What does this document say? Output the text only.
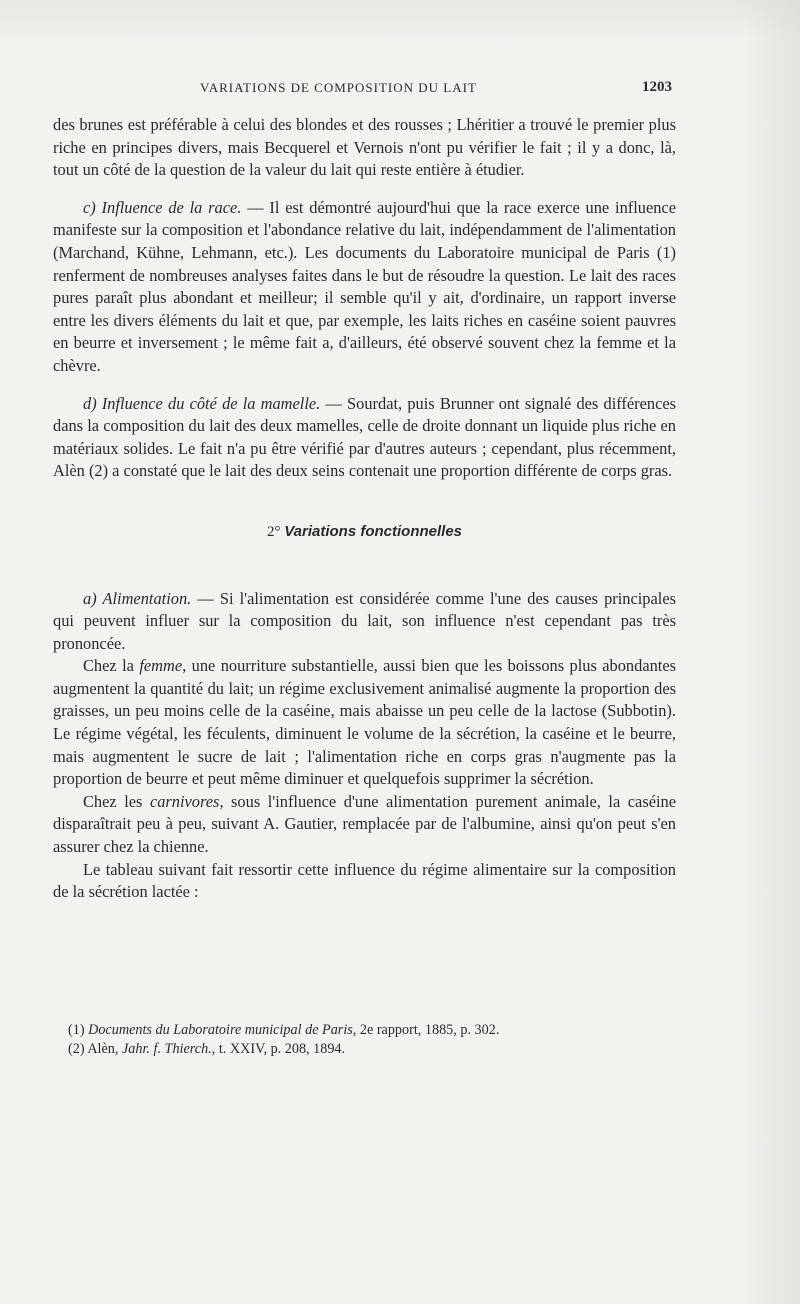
VARIATIONS DE COMPOSITION DU LAIT	1203

des brunes est préférable à celui des blondes et des rousses ; Lhéritier a trouvé le premier plus riche en principes divers, mais Becquerel et Vernois n'ont pu vérifier le fait ; il y a donc, là, tout un côté de la question de la valeur du lait qui reste entière à étudier.

c) Influence de la race. — Il est démontré aujourd'hui que la race exerce une influence manifeste sur la composition et l'abondance relative du lait, indépendamment de l'alimentation (Marchand, Kühne, Lehmann, etc.). Les documents du Laboratoire municipal de Paris (1) renferment de nombreuses analyses faites dans le but de résoudre la question. Le lait des races pures paraît plus abondant et meilleur; il semble qu'il y ait, d'ordinaire, un rapport inverse entre les divers éléments du lait et que, par exemple, les laits riches en caséine soient pauvres en beurre et inversement ; le même fait a, d'ailleurs, été observé souvent chez la femme et la chèvre.

d) Influence du côté de la mamelle. — Sourdat, puis Brunner ont signalé des différences dans la composition du lait des deux mamelles, celle de droite donnant un liquide plus riche en matériaux solides. Le fait n'a pu être vérifié par d'autres auteurs ; cependant, plus récemment, Alèn (2) a constaté que le lait des deux seins contenait une proportion différente de corps gras.

2° Variations fonctionnelles

a) Alimentation. — Si l'alimentation est considérée comme l'une des causes principales qui peuvent influer sur la composition du lait, son influence n'est cependant pas très prononcée.

Chez la femme, une nourriture substantielle, aussi bien que les boissons plus abondantes augmentent la quantité du lait; un régime exclusivement animalisé augmente la proportion des graisses, un peu moins celle de la caséine, mais abaisse un peu celle de la lactose (Subbotin). Le régime végétal, les féculents, diminuent le volume de la sécrétion, la caséine et le beurre, mais augmentent le sucre de lait ; l'alimentation riche en corps gras n'augmente pas la proportion de beurre et peut même diminuer et quelquefois supprimer la sécrétion.

Chez les carnivores, sous l'influence d'une alimentation purement animale, la caséine disparaîtrait peu à peu, suivant A. Gautier, remplacée par de l'albumine, ainsi qu'on peut s'en assurer chez la chienne.

Le tableau suivant fait ressortir cette influence du régime alimentaire sur la composition de la sécrétion lactée :

(1) Documents du Laboratoire municipal de Paris, 2e rapport, 1885, p. 302.
(2) Alèn, Jahr. f. Thierch., t. XXIV, p. 208, 1894.
